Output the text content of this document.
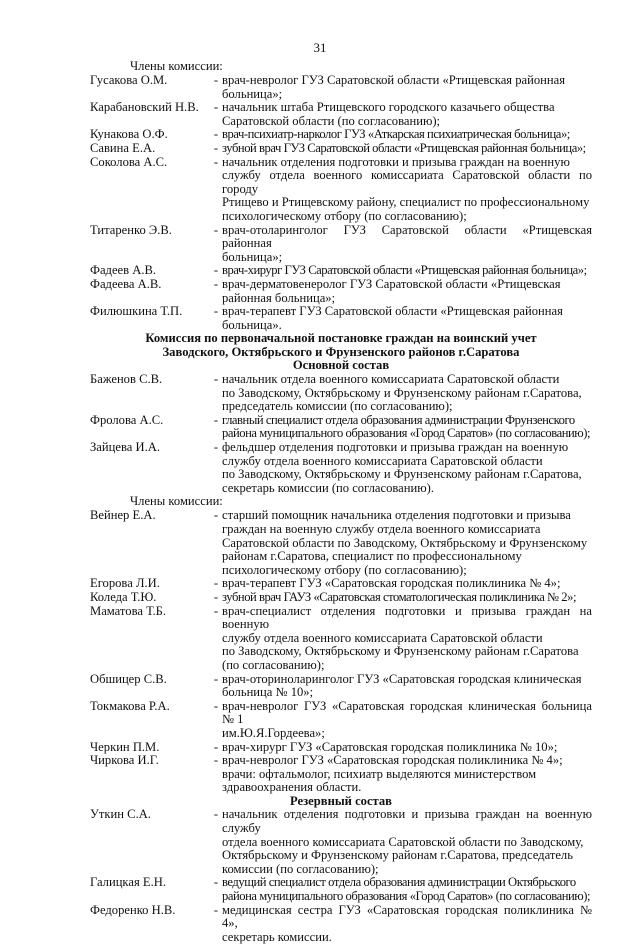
31
Члены комиссии:
Гусакова О.М.	- врач-невролог ГУЗ Саратовской области «Ртищевская районная
больница»;
Карабановский Н.В.	- начальник штаба Ртищевского городского казачьего общества
Саратовской области (по согласованию);
Кунакова О.Ф.	- врач-психиатр-нарколог ГУЗ «Аткарская психиатрическая больница»;
Савина Е.А.	- зубной врач ГУЗ Саратовской области «Ртищевская районная больница»;
Соколова А.С.	- начальник отделения подготовки и призыва граждан на военную
службу отдела военного комиссариата Саратовской области по городу
Ртищево и Ртищевскому району, специалист по профессиональному
психологическому отбору (по согласованию);
Титаренко Э.В.	- врач-отоларинголог ГУЗ Саратовской области «Ртищевская районная
больница»;
Фадеев А.В.	- врач-хирург ГУЗ Саратовской области «Ртищевская районная больница»;
Фадеева А.В.	- врач-дерматовенеролог ГУЗ Саратовской области «Ртищевская
районная больница»;
Филюшкина Т.П.	- врач-терапевт ГУЗ Саратовской области «Ртищевская районная
больница».
Комиссия по первоначальной постановке граждан на воинский учет
Заводского, Октябрьского и Фрунзенского районов г.Саратова
Основной состав
Баженов С.В.	- начальник отдела военного комиссариата Саратовской области
по Заводскому, Октябрьскому и Фрунзенскому районам г.Саратова,
председатель комиссии (по согласованию);
Фролова А.С.	- главный специалист отдела образования администрации Фрунзенского
района муниципального образования «Город Саратов» (по согласованию);
Зайцева И.А.	- фельдшер отделения подготовки и призыва граждан на военную
службу отдела военного комиссариата Саратовской области
по Заводскому, Октябрьскому и Фрунзенскому районам г.Саратова,
секретарь комиссии (по согласованию).
Члены комиссии:
Вейнер Е.А.	- старший помощник начальника отделения подготовки и призыва
граждан на военную службу отдела военного комиссариата
Саратовской области по Заводскому, Октябрьскому и Фрунзенскому
районам г.Саратова, специалист по профессиональному
психологическому отбору (по согласованию);
Егорова Л.И.	- врач-терапевт ГУЗ «Саратовская городская поликлиника № 4»;
Коледа Т.Ю.	- зубной врач ГАУЗ «Саратовская стоматологическая поликлиника № 2»;
Маматова Т.Б.	- врач-специалист отделения подготовки и призыва граждан на военную
службу отдела военного комиссариата Саратовской области
по Заводскому, Октябрьскому и Фрунзенскому районам г.Саратова
(по согласованию);
Обшицер С.В.	- врач-оториноларинголог ГУЗ «Саратовская городская клиническая
больница № 10»;
Токмакова Р.А.	- врач-невролог ГУЗ «Саратовская городская клиническая больница № 1
им.Ю.Я.Гордеева»;
Черкин П.М.	- врач-хирург ГУЗ «Саратовская городская поликлиника № 10»;
Чиркова И.Г.	- врач-невролог ГУЗ «Саратовская городская поликлиника № 4»;
врачи: офтальмолог, психиатр выделяются министерством
здравоохранения области.
Резервный состав
Уткин С.А.	- начальник отделения подготовки и призыва граждан на военную службу
отдела военного комиссариата Саратовской области по Заводскому,
Октябрьскому и Фрунзенскому районам г.Саратова, председатель
комиссии (по согласованию);
Галицкая Е.Н.	- ведущий специалист отдела образования администрации Октябрьского
района муниципального образования «Город Саратов» (по согласованию);
Федоренко Н.В.	- медицинская сестра ГУЗ «Саратовская городская поликлиника № 4»,
секретарь комиссии.
